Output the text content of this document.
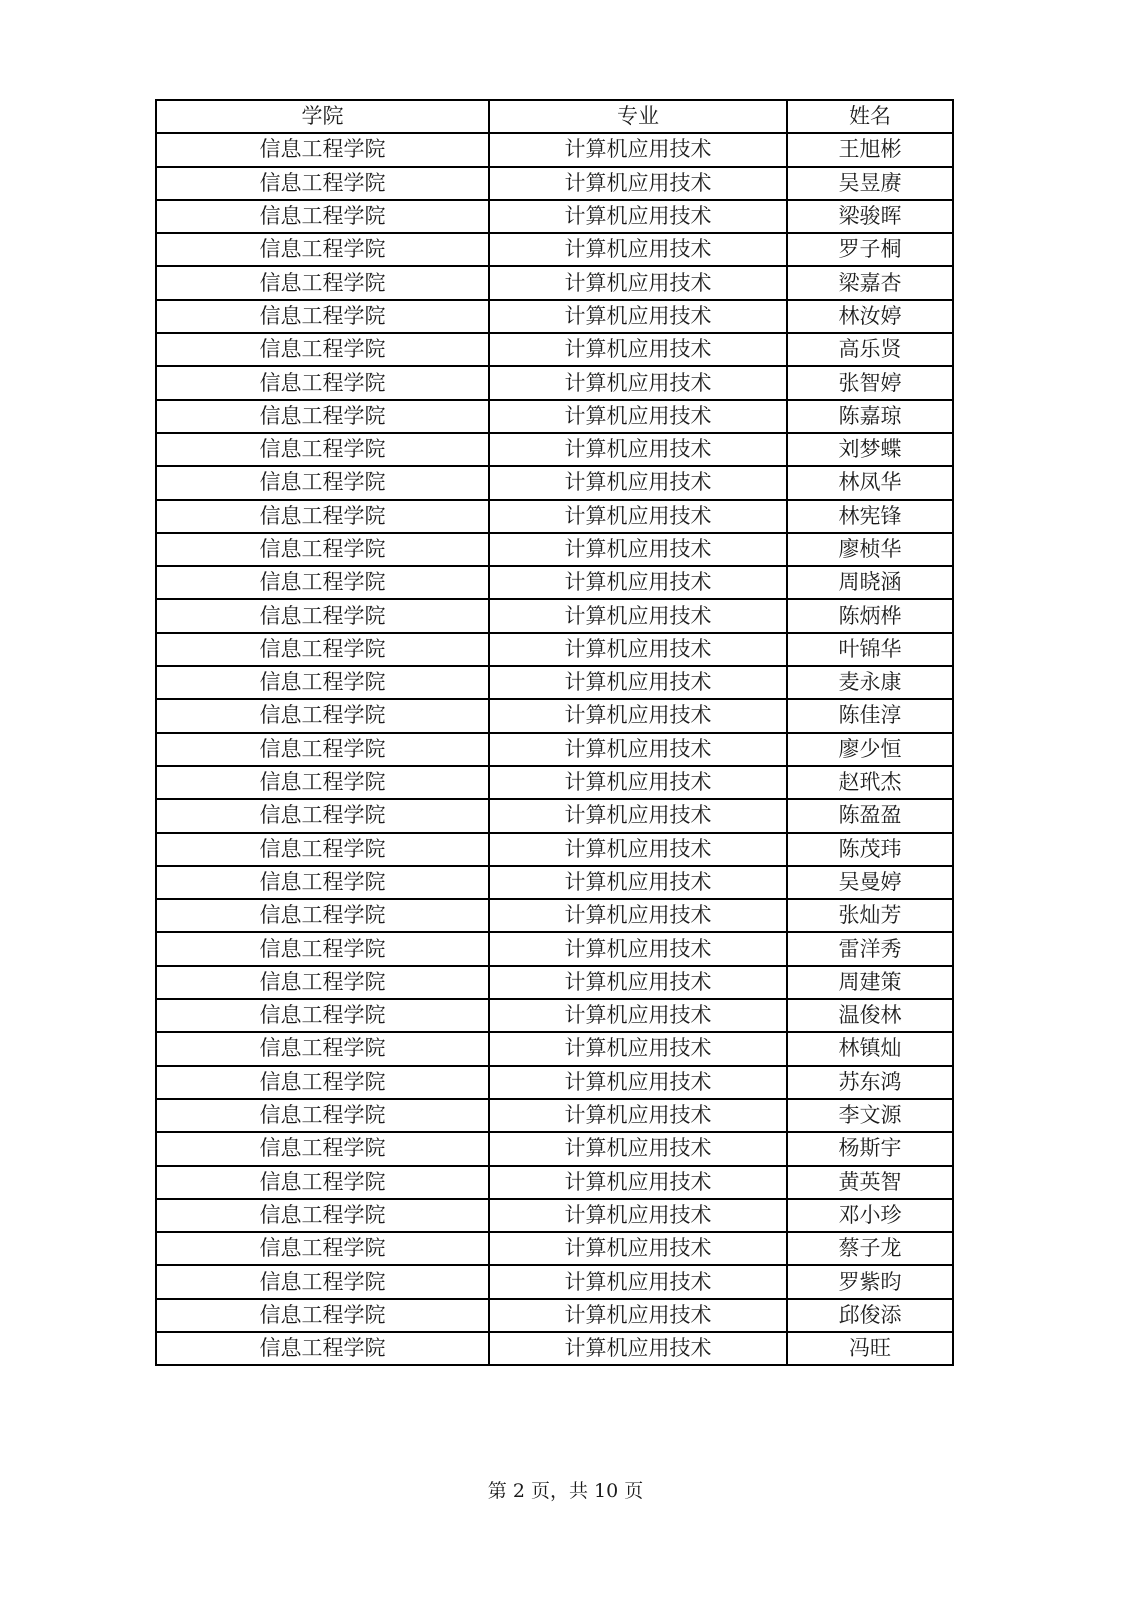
学院	专业	姓名
信息工程学院	计算机应用技术	王旭彬
信息工程学院	计算机应用技术	吴昱赓
信息工程学院	计算机应用技术	梁骏晖
信息工程学院	计算机应用技术	罗子桐
信息工程学院	计算机应用技术	梁嘉杏
信息工程学院	计算机应用技术	林汝婷
信息工程学院	计算机应用技术	高乐贤
信息工程学院	计算机应用技术	张智婷
信息工程学院	计算机应用技术	陈嘉琼
信息工程学院	计算机应用技术	刘梦蝶
信息工程学院	计算机应用技术	林凤华
信息工程学院	计算机应用技术	林宪锋
信息工程学院	计算机应用技术	廖桢华
信息工程学院	计算机应用技术	周晓涵
信息工程学院	计算机应用技术	陈炳桦
信息工程学院	计算机应用技术	叶锦华
信息工程学院	计算机应用技术	麦永康
信息工程学院	计算机应用技术	陈佳淳
信息工程学院	计算机应用技术	廖少恒
信息工程学院	计算机应用技术	赵玳杰
信息工程学院	计算机应用技术	陈盈盈
信息工程学院	计算机应用技术	陈茂玮
信息工程学院	计算机应用技术	吴曼婷
信息工程学院	计算机应用技术	张灿芳
信息工程学院	计算机应用技术	雷洋秀
信息工程学院	计算机应用技术	周建策
信息工程学院	计算机应用技术	温俊林
信息工程学院	计算机应用技术	林镇灿
信息工程学院	计算机应用技术	苏东鸿
信息工程学院	计算机应用技术	李文源
信息工程学院	计算机应用技术	杨斯宇
信息工程学院	计算机应用技术	黄英智
信息工程学院	计算机应用技术	邓小珍
信息工程学院	计算机应用技术	蔡子龙
信息工程学院	计算机应用技术	罗紫昀
信息工程学院	计算机应用技术	邱俊添
信息工程学院	计算机应用技术	冯旺
第 2 页，共 10 页
